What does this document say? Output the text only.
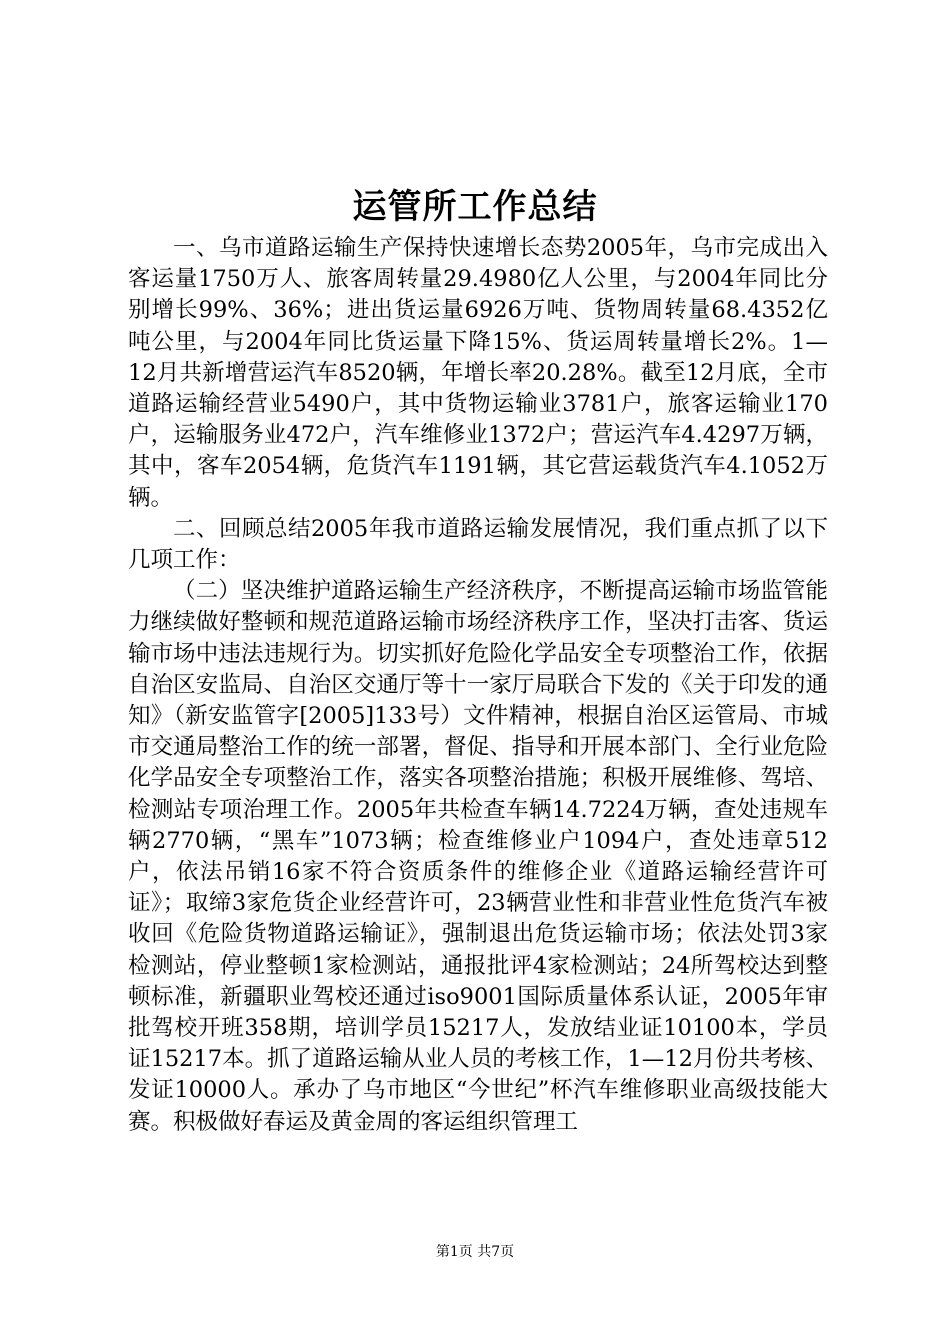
运管所工作总结

一、乌市道路运输生产保持快速增长态势2005年，乌市完成出入客运量1750万人、旅客周转量29.4980亿人公里，与2004年同比分别增长99%、36%；进出货运量6926万吨、货物周转量68.4352亿吨公里，与2004年同比货运量下降15%、货运周转量增长2%。1—12月共新增营运汽车8520辆，年增长率20.28%。截至12月底，全市道路运输经营业5490户，其中货物运输业3781户，旅客运输业170户，运输服务业472户，汽车维修业1372户；营运汽车4.4297万辆，其中，客车2054辆，危货汽车1191辆，其它营运载货汽车4.1052万辆。

二、回顾总结2005年我市道路运输发展情况，我们重点抓了以下几项工作：

（二）坚决维护道路运输生产经济秩序，不断提高运输市场监管能力继续做好整顿和规范道路运输市场经济秩序工作，坚决打击客、货运输市场中违法违规行为。切实抓好危险化学品安全专项整治工作，依据自治区安监局、自治区交通厅等十一家厅局联合下发的《关于印发的通知》（新安监管字[2005]133号）文件精神，根据自治区运管局、市城市交通局整治工作的统一部署，督促、指导和开展本部门、全行业危险化学品安全专项整治工作，落实各项整治措施；积极开展维修、驾培、检测站专项治理工作。2005年共检查车辆14.7224万辆，查处违规车辆2770辆，“黑车”1073辆；检查维修业户1094户，查处违章512户，依法吊销16家不符合资质条件的维修企业《道路运输经营许可证》；取缔3家危货企业经营许可，23辆营业性和非营业性危货汽车被收回《危险货物道路运输证》，强制退出危货运输市场；依法处罚3家检测站，停业整顿1家检测站，通报批评4家检测站；24所驾校达到整顿标准，新疆职业驾校还通过iso9001国际质量体系认证，2005年审批驾校开班358期，培训学员15217人，发放结业证10100本，学员证15217本。抓了道路运输从业人员的考核工作，1—12月份共考核、发证10000人。承办了乌市地区“今世纪”杯汽车维修职业高级技能大赛。积极做好春运及黄金周的客运组织管理工

第1页 共7页
